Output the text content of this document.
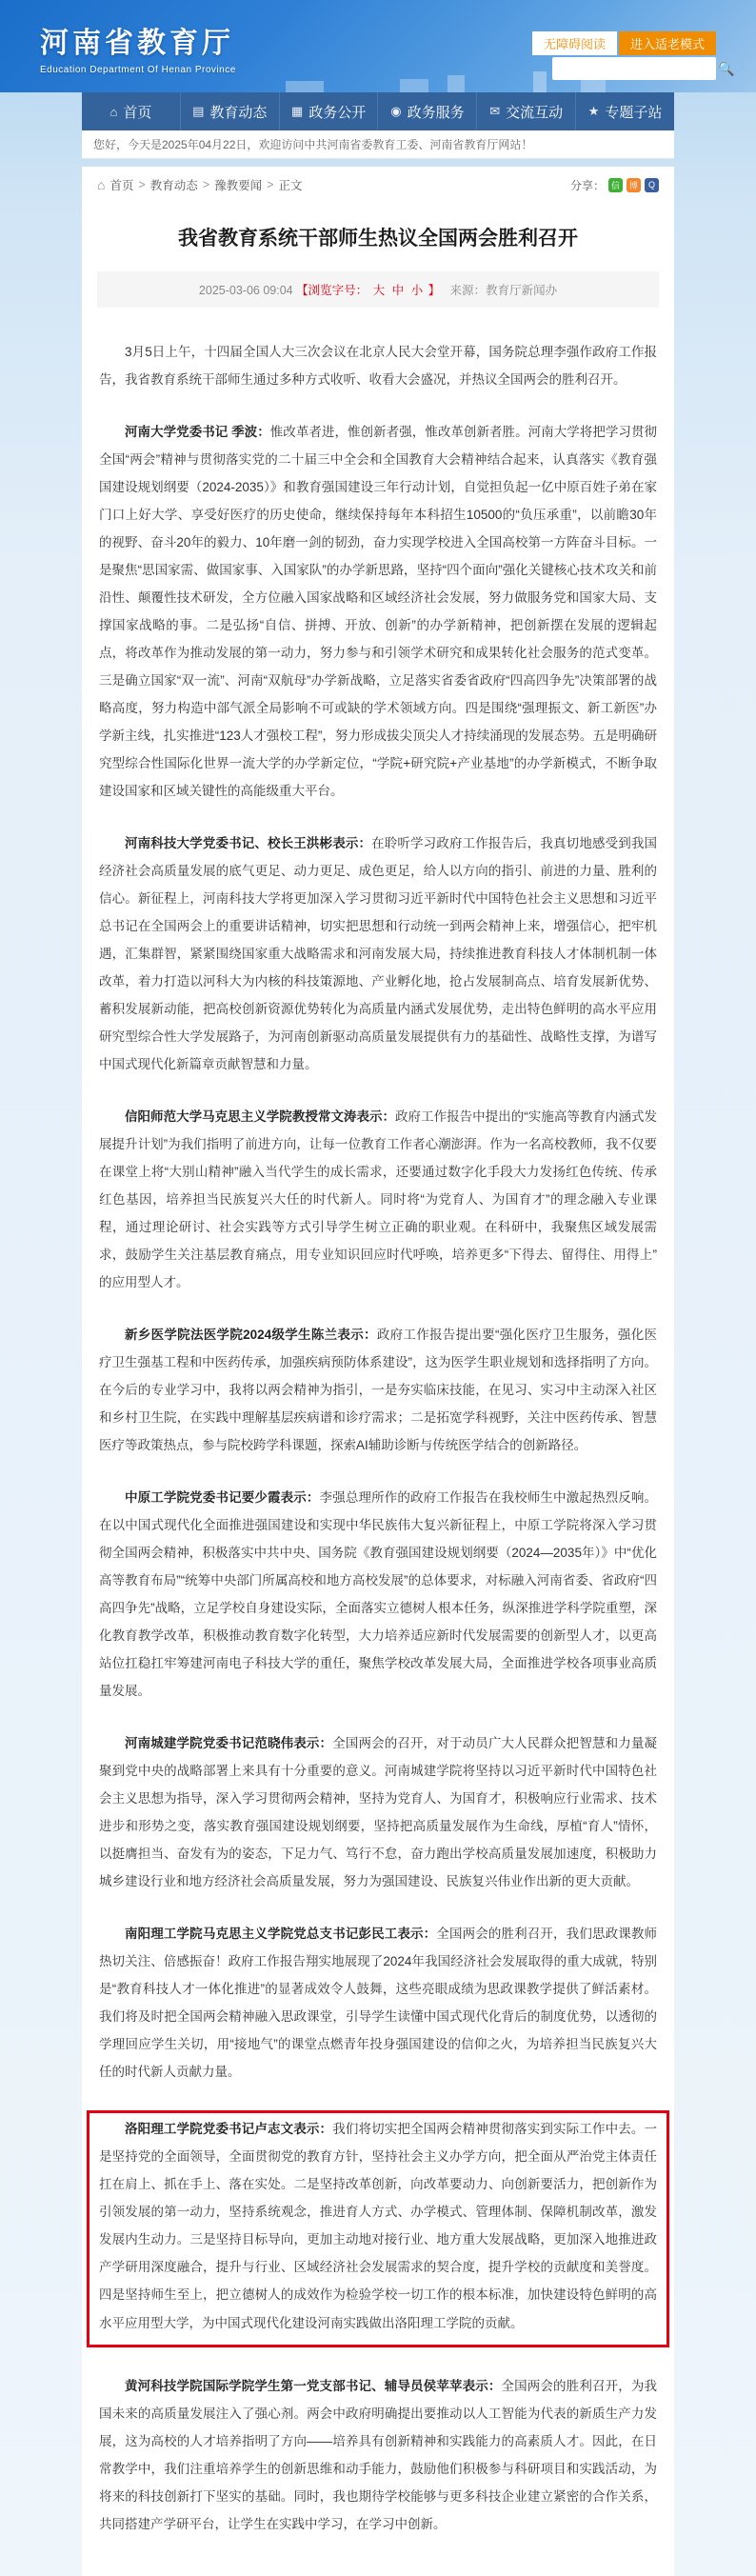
河南省教育厅
Education Department Of Henan Province
无障碍阅读	进入适老模式
🔍
⌂ 首页	▤ 教育动态 ▦ 政务公开 ◉ 政务服务 ✉ 交流互动 ★ 专题子站
您好，今天是2025年04月22日，欢迎访问中共河南省委教育工委、河南省教育厅网站！
⌂ 首页 > 教育动态 > 豫教要闻 > 正文	分享： 信	博	Q
我省教育系统干部师生热议全国两会胜利召开
2025-03-06 09:04 【浏览字号： 大 中 小 】 来源：教育厅新闻办

3月5日上午，十四届全国人大三次会议在北京人民大会堂开幕，国务院总理李强作政府工作报告，我省教育系统干部师生通过多种方式收听、收看大会盛况，并热议全国两会的胜利召开。

河南大学党委书记 季波：惟改革者进，惟创新者强，惟改革创新者胜。河南大学将把学习贯彻全国“两会”精神与贯彻落实党的二十届三中全会和全国教育大会精神结合起来，认真落实《教育强国建设规划纲要（2024-2035）》和教育强国建设三年行动计划，自觉担负起一亿中原百姓子弟在家门口上好大学、享受好医疗的历史使命，继续保持每年本科招生10500的“负压承重”，以前瞻30年的视野、奋斗20年的毅力、10年磨一剑的韧劲，奋力实现学校进入全国高校第一方阵奋斗目标。一是聚焦“思国家需、做国家事、入国家队”的办学新思路，坚持“四个面向”强化关键核心技术攻关和前沿性、颠覆性技术研发，全方位融入国家战略和区域经济社会发展，努力做服务党和国家大局、支撑国家战略的事。二是弘扬“自信、拼搏、开放、创新”的办学新精神，把创新摆在发展的逻辑起点，将改革作为推动发展的第一动力，努力参与和引领学术研究和成果转化社会服务的范式变革。三是确立国家“双一流”、河南“双航母”办学新战略，立足落实省委省政府“四高四争先”决策部署的战略高度，努力构造中部气派全局影响不可或缺的学术领域方向。四是围绕“强理振文、新工新医”办学新主线，扎实推进“123人才强校工程”，努力形成拔尖顶尖人才持续涌现的发展态势。五是明确研究型综合性国际化世界一流大学的办学新定位，“学院+研究院+产业基地”的办学新模式，不断争取建设国家和区域关键性的高能级重大平台。

河南科技大学党委书记、校长王洪彬表示：在聆听学习政府工作报告后，我真切地感受到我国经济社会高质量发展的底气更足、动力更足、成色更足，给人以方向的指引、前进的力量、胜利的信心。新征程上，河南科技大学将更加深入学习贯彻习近平新时代中国特色社会主义思想和习近平总书记在全国两会上的重要讲话精神，切实把思想和行动统一到两会精神上来，增强信心，把牢机遇，汇集群智，紧紧围绕国家重大战略需求和河南发展大局，持续推进教育科技人才体制机制一体改革，着力打造以河科大为内核的科技策源地、产业孵化地，抢占发展制高点、培育发展新优势、蓄积发展新动能，把高校创新资源优势转化为高质量内涵式发展优势，走出特色鲜明的高水平应用研究型综合性大学发展路子，为河南创新驱动高质量发展提供有力的基础性、战略性支撑，为谱写中国式现代化新篇章贡献智慧和力量。

信阳师范大学马克思主义学院教授常文涛表示：政府工作报告中提出的“实施高等教育内涵式发展提升计划”为我们指明了前进方向，让每一位教育工作者心潮澎湃。作为一名高校教师，我不仅要在课堂上将“大别山精神”融入当代学生的成长需求，还要通过数字化手段大力发扬红色传统、传承红色基因，培养担当民族复兴大任的时代新人。同时将“为党育人、为国育才”的理念融入专业课程，通过理论研讨、社会实践等方式引导学生树立正确的职业观。在科研中，我聚焦区域发展需求，鼓励学生关注基层教育痛点，用专业知识回应时代呼唤，培养更多“下得去、留得住、用得上”的应用型人才。

新乡医学院法医学院2024级学生陈兰表示：政府工作报告提出要“强化医疗卫生服务，强化医疗卫生强基工程和中医药传承，加强疾病预防体系建设”，这为医学生职业规划和选择指明了方向。在今后的专业学习中，我将以两会精神为指引，一是夯实临床技能，在见习、实习中主动深入社区和乡村卫生院，在实践中理解基层疾病谱和诊疗需求；二是拓宽学科视野，关注中医药传承、智慧医疗等政策热点，参与院校跨学科课题，探索AI辅助诊断与传统医学结合的创新路径。

中原工学院党委书记要少霞表示：李强总理所作的政府工作报告在我校师生中激起热烈反响。在以中国式现代化全面推进强国建设和实现中华民族伟大复兴新征程上，中原工学院将深入学习贯彻全国两会精神，积极落实中共中央、国务院《教育强国建设规划纲要（2024—2035年）》中“优化高等教育布局”“统筹中央部门所属高校和地方高校发展”的总体要求，对标融入河南省委、省政府“四高四争先”战略，立足学校自身建设实际，全面落实立德树人根本任务，纵深推进学科学院重塑，深化教育教学改革，积极推动教育数字化转型，大力培养适应新时代发展需要的创新型人才，以更高站位扛稳扛牢筹建河南电子科技大学的重任，聚焦学校改革发展大局，全面推进学校各项事业高质量发展。

河南城建学院党委书记范晓伟表示：全国两会的召开，对于动员广大人民群众把智慧和力量凝聚到党中央的战略部署上来具有十分重要的意义。河南城建学院将坚持以习近平新时代中国特色社会主义思想为指导，深入学习贯彻两会精神，坚持为党育人、为国育才，积极响应行业需求、技术进步和形势之变，落实教育强国建设规划纲要，坚持把高质量发展作为生命线，厚植“育人”情怀，以挺膺担当、奋发有为的姿态，下足力气、笃行不怠，奋力跑出学校高质量发展加速度，积极助力城乡建设行业和地方经济社会高质量发展，努力为强国建设、民族复兴伟业作出新的更大贡献。

南阳理工学院马克思主义学院党总支书记彭民工表示：全国两会的胜利召开，我们思政课教师热切关注、倍感振奋！政府工作报告翔实地展现了2024年我国经济社会发展取得的重大成就，特别是“教育科技人才一体化推进”的显著成效令人鼓舞，这些亮眼成绩为思政课教学提供了鲜活素材。我们将及时把全国两会精神融入思政课堂，引导学生读懂中国式现代化背后的制度优势，以透彻的学理回应学生关切，用“接地气”的课堂点燃青年投身强国建设的信仰之火，为培养担当民族复兴大任的时代新人贡献力量。

洛阳理工学院党委书记卢志文表示：我们将切实把全国两会精神贯彻落实到实际工作中去。一是坚持党的全面领导，全面贯彻党的教育方针，坚持社会主义办学方向，把全面从严治党主体责任扛在肩上、抓在手上、落在实处。二是坚持改革创新，向改革要动力、向创新要活力，把创新作为引领发展的第一动力，坚持系统观念，推进育人方式、办学模式、管理体制、保障机制改革，激发发展内生动力。三是坚持目标导向，更加主动地对接行业、地方重大发展战略，更加深入地推进政产学研用深度融合，提升与行业、区域经济社会发展需求的契合度，提升学校的贡献度和美誉度。四是坚持师生至上，把立德树人的成效作为检验学校一切工作的根本标准，加快建设特色鲜明的高水平应用型大学，为中国式现代化建设河南实践做出洛阳理工学院的贡献。

黄河科技学院国际学院学生第一党支部书记、辅导员侯苹苹表示：全国两会的胜利召开，为我国未来的高质量发展注入了强心剂。两会中政府明确提出要推动以人工智能为代表的新质生产力发展，这为高校的人才培养指明了方向——培养具有创新精神和实践能力的高素质人才。因此，在日常教学中，我们注重培养学生的创新思维和动手能力，鼓励他们积极参与科研项目和实践活动，为将来的科技创新打下坚实的基础。同时，我也期待学校能够与更多科技企业建立紧密的合作关系，共同搭建产学研平台，让学生在实践中学习，在学习中创新。
